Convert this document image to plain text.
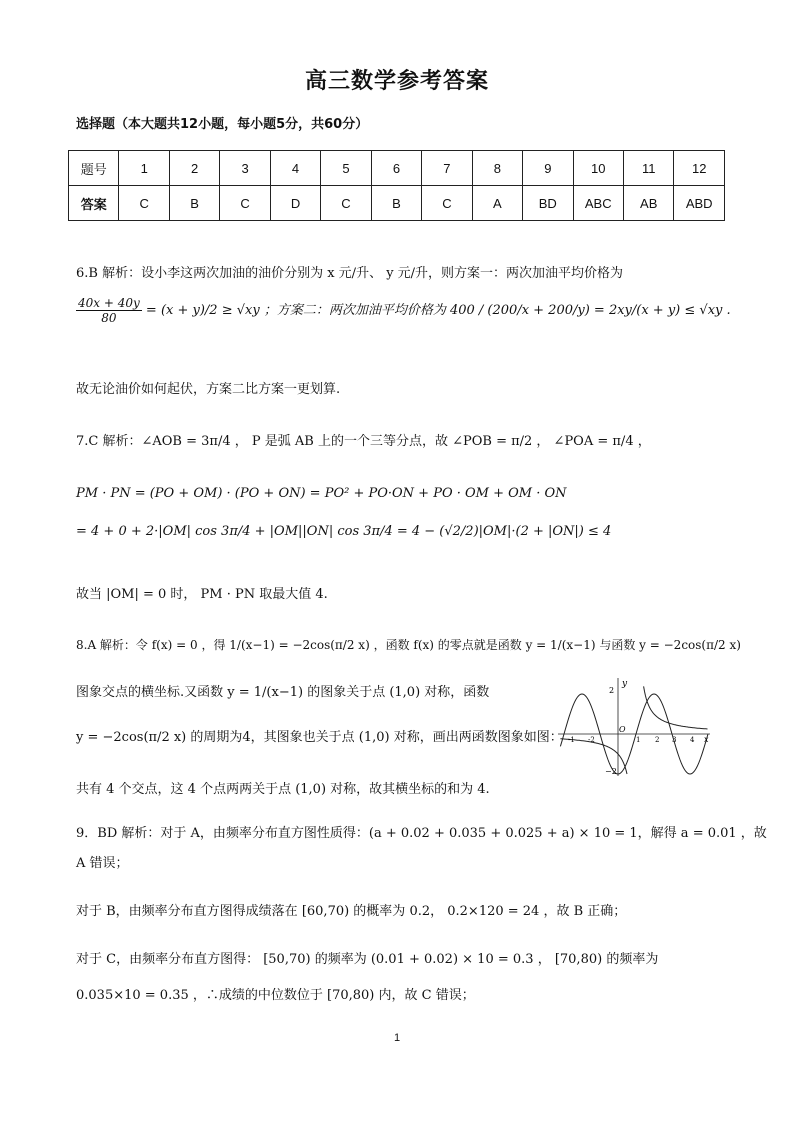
高三数学参考答案
选择题（本大题共12小题，每小题5分，共60分）
题号	1	2	3	4	5	6	7	8	9	10	11	12
答案	C	B	C	D	C	B	C	A	BD	ABC	AB	ABD
6.B 解析：设小李这两次加油的油价分别为 x 元/升、 y 元/升，则方案一：两次加油平均价格为
$\frac{40x + 40y}{80} = (x + y)/2 \ge √xy$ ；方案二：两次加油平均价格为 400 / (200/x + 200/y) = 2xy/(x + y) ≤ √xy .
故无论油价如何起伏，方案二比方案一更划算.
7.C 解析：∠AOB = 3π/4 ， P 是弧 AB 上的一个三等分点，故 ∠POB = π/2 ， ∠POA = π/4 ，
PM · PN = (PO + OM) · (PO + ON) = PO² + PO·ON + PO · OM + OM · ON
= 4 + 0 + 2·|OM| cos 3π/4 + |OM||ON| cos 3π/4 = 4 − (√2/2)|OM|·(2 + |ON|) ≤ 4
故当 |OM| = 0 时， PM · PN 取最大值 4.
8.A 解析：令 f(x) = 0 ，得 1/(x−1) = −2cos(π/2 x) ，函数 f(x) 的零点就是函数 y = 1/(x−1) 与函数 y = −2cos(π/2 x)
图象交点的横坐标.又函数 y = 1/(x−1) 的图象关于点 (1,0) 对称，函数
y = −2cos(π/2 x) 的周期为4，其图象也关于点 (1,0) 对称，画出两函数图象如图：
共有 4 个交点，这 4 个点两两关于点 (1,0) 对称，故其横坐标的和为 4.
y
x
O
2
−2
-1 -2	1 2 3 4
9．BD 解析：对于 A，由频率分布直方图性质得：(a + 0.02 + 0.035 + 0.025 + a) × 10 = 1，解得 a = 0.01 ，故
A 错误；
对于 B，由频率分布直方图得成绩落在 [60,70) 的概率为 0.2， 0.2×120 = 24 ，故 B 正确；
对于 C，由频率分布直方图得： [50,70) 的频率为 (0.01 + 0.02) × 10 = 0.3 ， [70,80) 的频率为
0.035×10 = 0.35 ，∴成绩的中位数位于 [70,80) 内，故 C 错误；
1
